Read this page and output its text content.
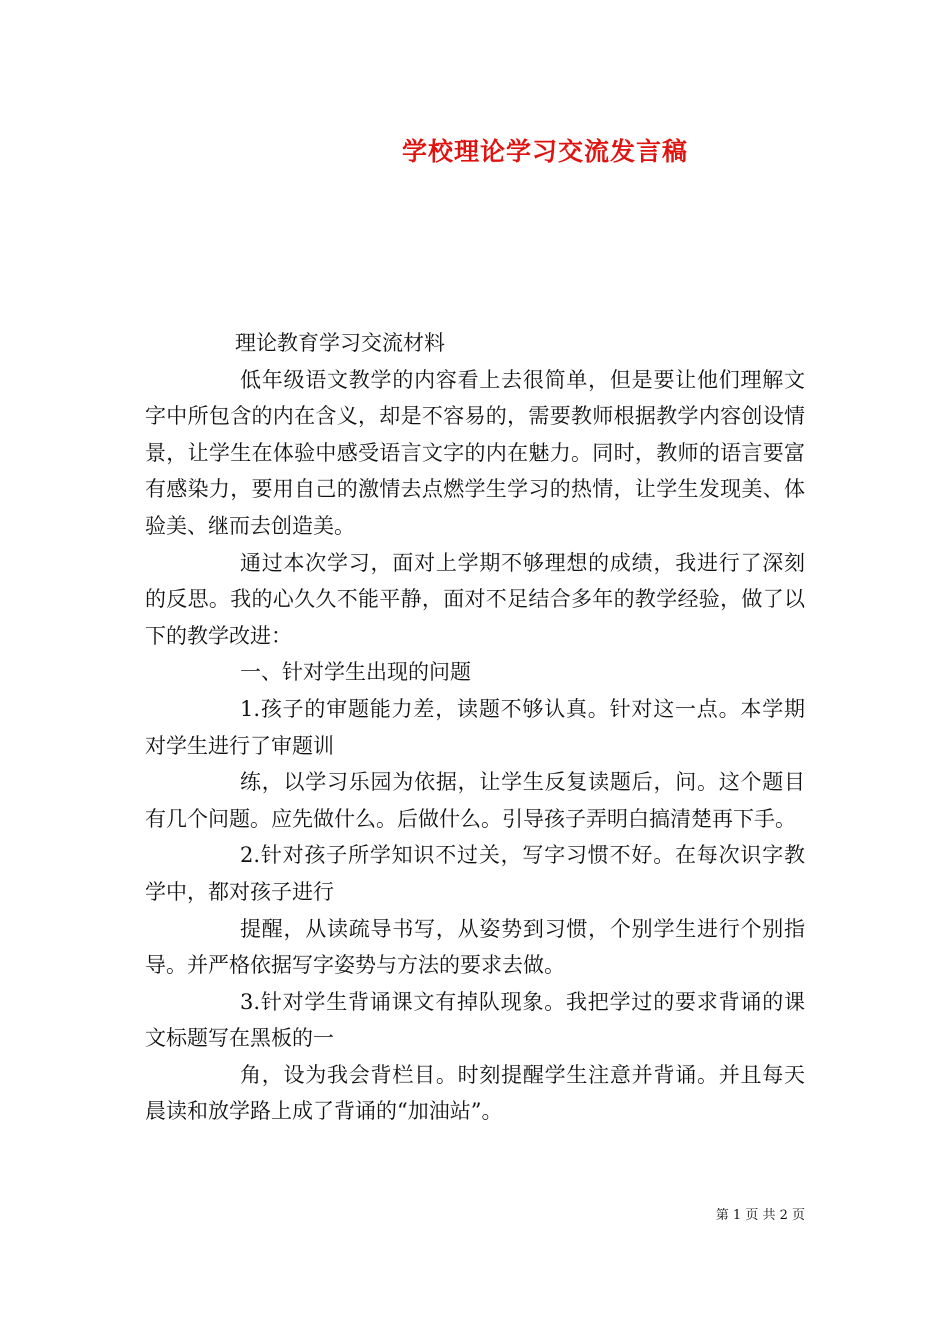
学校理论学习交流发言稿

理论教育学习交流材料

低年级语文教学的内容看上去很简单，但是要让他们理解文字中所包含的内在含义，却是不容易的，需要教师根据教学内容创设情景，让学生在体验中感受语言文字的内在魅力。同时，教师的语言要富有感染力，要用自己的激情去点燃学生学习的热情，让学生发现美、体验美、继而去创造美。

通过本次学习，面对上学期不够理想的成绩，我进行了深刻的反思。我的心久久不能平静，面对不足结合多年的教学经验，做了以下的教学改进：

一、针对学生出现的问题

1.孩子的审题能力差，读题不够认真。针对这一点。本学期对学生进行了审题训

练，以学习乐园为依据，让学生反复读题后，问。这个题目有几个问题。应先做什么。后做什么。引导孩子弄明白搞清楚再下手。

2.针对孩子所学知识不过关，写字习惯不好。在每次识字教学中，都对孩子进行

提醒，从读疏导书写，从姿势到习惯，个别学生进行个别指导。并严格依据写字姿势与方法的要求去做。

3.针对学生背诵课文有掉队现象。我把学过的要求背诵的课文标题写在黑板的一

角，设为我会背栏目。时刻提醒学生注意并背诵。并且每天晨读和放学路上成了背诵的“加油站”。

第 1 页 共 2 页
